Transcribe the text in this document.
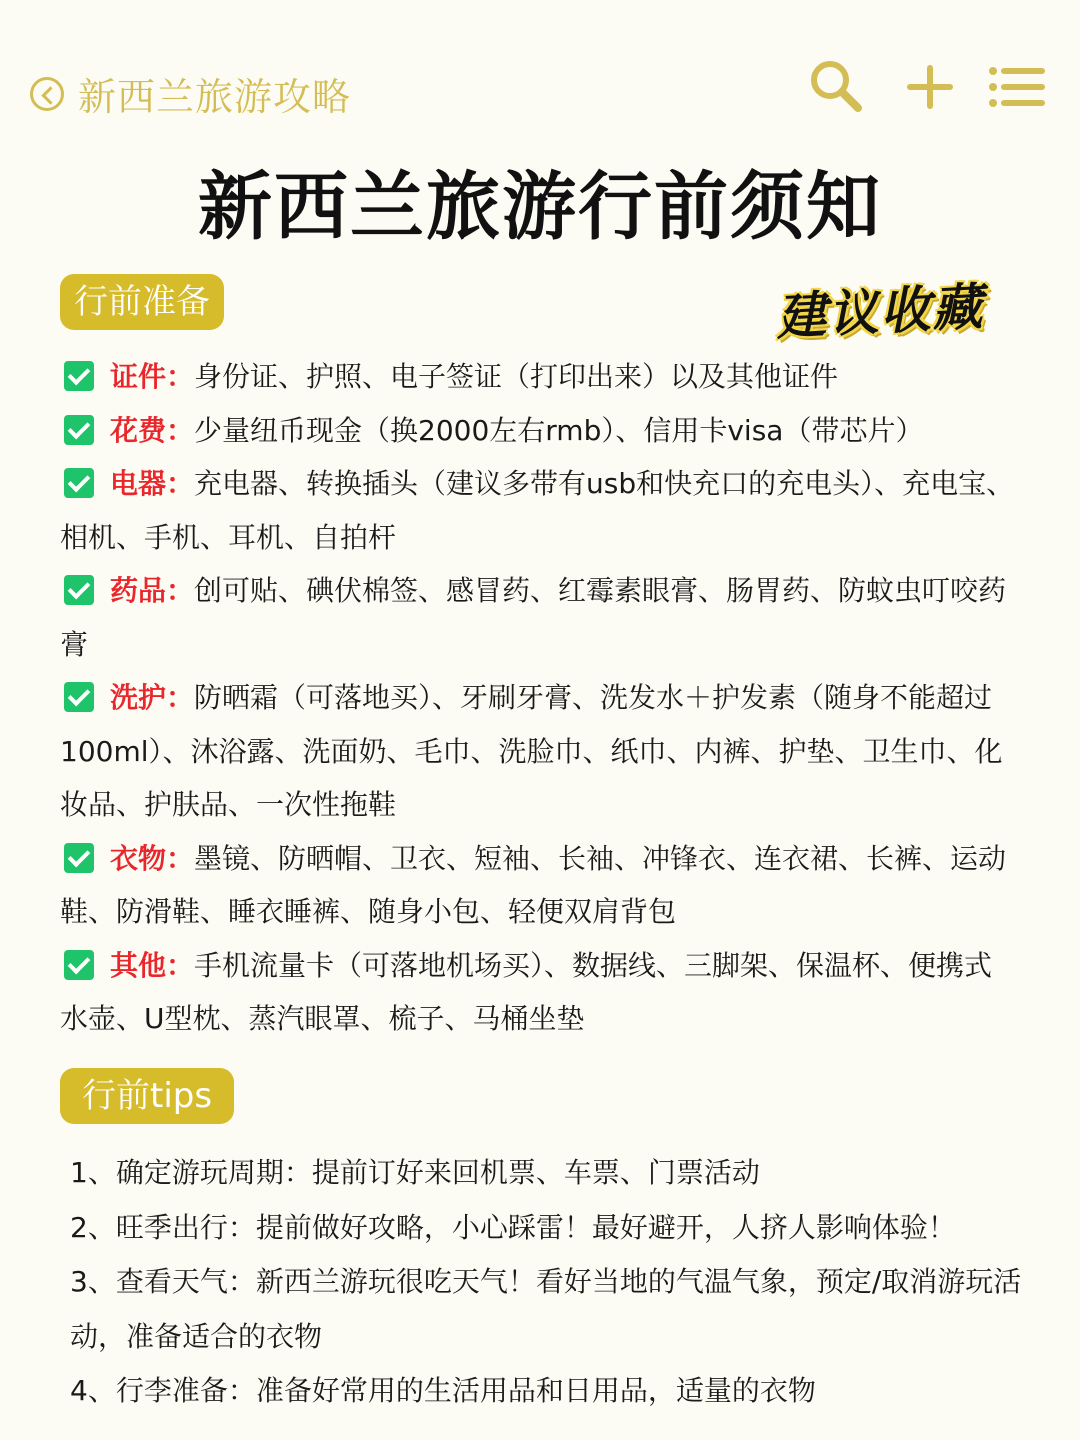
新西兰旅游攻略
新西兰旅游行前须知
行前准备	建议收藏

证件：身份证、护照、电子签证（打印出来）以及其他证件

花费：少量纽币现金（换2000左右rmb）、信用卡visa（带芯片）

电器：充电器、转换插头（建议多带有usb和快充口的充电头）、充电宝、相机、手机、耳机、自拍杆

药品：创可贴、碘伏棉签、感冒药、红霉素眼膏、肠胃药、防蚊虫叮咬药膏

洗护：防晒霜（可落地买）、牙刷牙膏、洗发水＋护发素（随身不能超过100ml）、沐浴露、洗面奶、毛巾、洗脸巾、纸巾、内裤、护垫、卫生巾、化妆品、护肤品、一次性拖鞋

衣物：墨镜、防晒帽、卫衣、短袖、长袖、冲锋衣、连衣裙、长裤、运动鞋、防滑鞋、睡衣睡裤、随身小包、轻便双肩背包

其他：手机流量卡（可落地机场买）、数据线、三脚架、保温杯、便携式水壶、U型枕、蒸汽眼罩、梳子、马桶坐垫

行前tips

1、确定游玩周期：提前订好来回机票、车票、门票活动

2、旺季出行：提前做好攻略，小心踩雷！最好避开，人挤人影响体验！

3、查看天气：新西兰游玩很吃天气！看好当地的气温气象，预定/取消游玩活动，准备适合的衣物

4、行李准备：准备好常用的生活用品和日用品，适量的衣物
